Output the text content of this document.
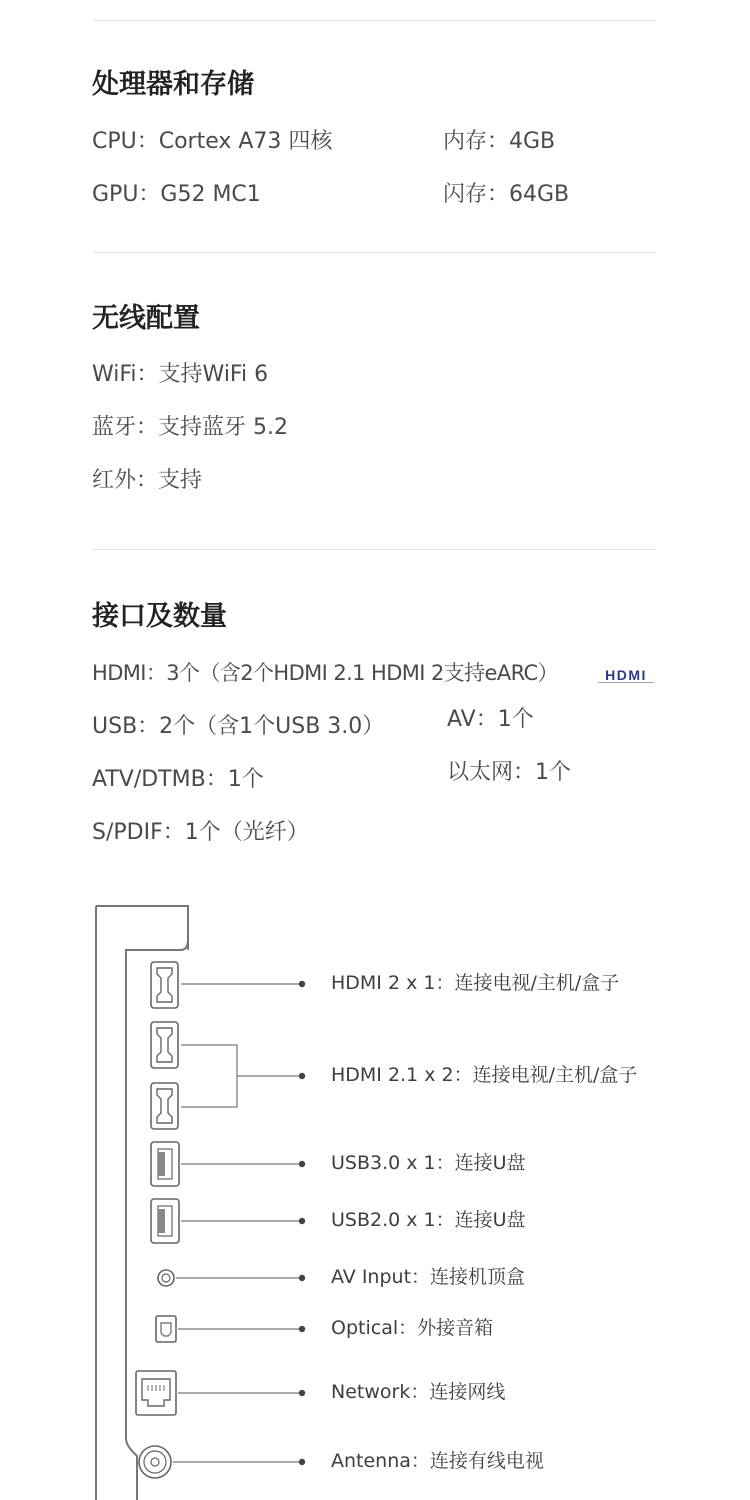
处理器和存储
CPU：Cortex A73 四核	内存：4GB
GPU：G52 MC1	闪存：64GB
无线配置
WiFi：支持WiFi 6
蓝牙：支持蓝牙 5.2
红外：支持
接口及数量
HDMI：3个（含2个HDMI 2.1 HDMI 2支持eARC）	HDMI
USB：2个（含1个USB 3.0）	AV：1个
ATV/DTMB：1个	以太网：1个
S/PDIF：1个（光纤）
HDMI 2 x 1：连接电视/主机/盒子
HDMI 2.1 x 2：连接电视/主机/盒子
USB3.0 x 1：连接U盘
USB2.0 x 1：连接U盘
AV Input：连接机顶盒
Optical：外接音箱
Network：连接网线
Antenna：连接有线电视
